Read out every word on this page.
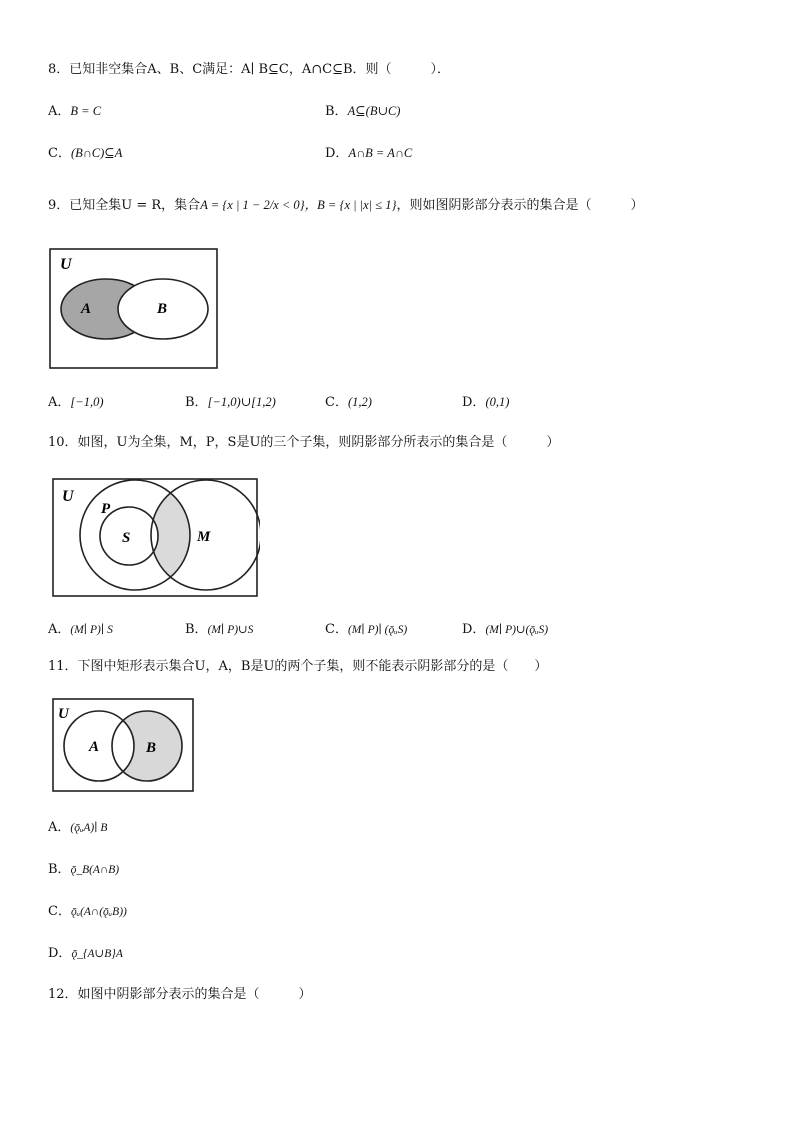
8．已知非空集合A、B、C满足：A∣ B⊆C，A∩C⊆B．则（　　　）．
A．B = C	B．A⊆(B∪C)
C．(B∩C)⊆A	D．A∩B = A∩C
9．已知全集U = R，集合A = {x | 1 − 2/x < 0}，B = {x | |x| ≤ 1}，则如图阴影部分表示的集合是（　　　）
U
A	B
A．[−1,0)	B．[−1,0)∪[1,2)	C．(1,2)	D．(0,1)
10．如图，U为全集，M，P，S是U的三个子集，则阴影部分所表示的集合是（　　　）
U
P
S	M
A．(M∣ P)∣ S	B．(M∣ P)∪S	C．(M∣ P)∣ (ǭᵤS)	D．(M∣ P)∪(ǭᵤS)
11．下图中矩形表示集合U，A，B是U的两个子集，则不能表示阴影部分的是（　　）
U
A	B
A．(ǭᵤA)∣ B
B．ǭ_B(A∩B)
C．ǭᵤ(A∩(ǭᵤB))
D．ǭ_{A∪B}A
12．如图中阴影部分表示的集合是（　　　）
